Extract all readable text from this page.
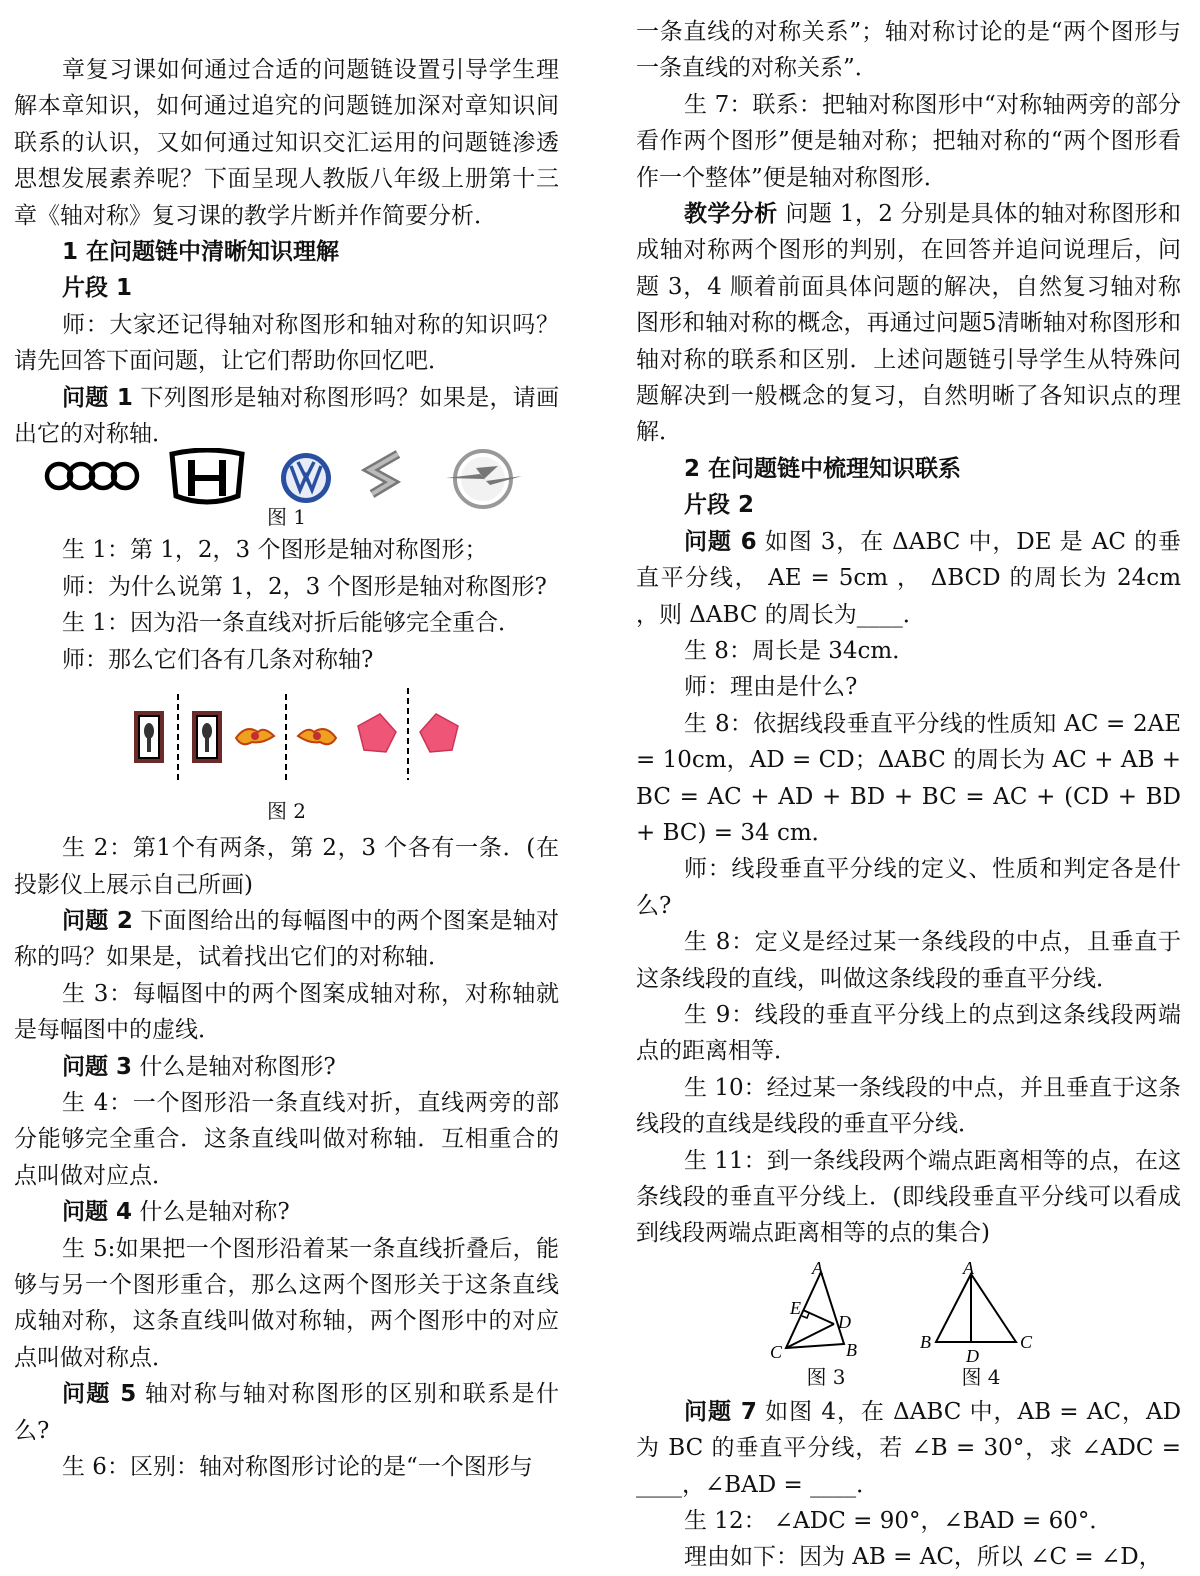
章复习课如何通过合适的问题链设置引导学生理解本章知识，如何通过追究的问题链加深对章知识间联系的认识，又如何通过知识交汇运用的问题链渗透思想发展素养呢？下面呈现人教版八年级上册第十三章《轴对称》复习课的教学片断并作简要分析．

1 在问题链中清晰知识理解

片段 1

师：大家还记得轴对称图形和轴对称的知识吗？请先回答下面问题，让它们帮助你回忆吧．

问题 1 下列图形是轴对称图形吗？如果是，请画出它的对称轴．

图 1

生 1：第 1，2，3 个图形是轴对称图形；

师：为什么说第 1，2，3 个图形是轴对称图形?

生 1：因为沿一条直线对折后能够完全重合．

师：那么它们各有几条对称轴?

图 2

生 2：第1个有两条，第 2，3 个各有一条．(在投影仪上展示自己所画)

问题 2 下面图给出的每幅图中的两个图案是轴对称的吗？如果是，试着找出它们的对称轴．

生 3：每幅图中的两个图案成轴对称，对称轴就是每幅图中的虚线．

问题 3 什么是轴对称图形?

生 4：一个图形沿一条直线对折，直线两旁的部分能够完全重合．这条直线叫做对称轴．互相重合的点叫做对应点．

问题 4 什么是轴对称?

生 5:如果把一个图形沿着某一条直线折叠后，能够与另一个图形重合，那么这两个图形关于这条直线成轴对称，这条直线叫做对称轴，两个图形中的对应点叫做对称点．

问题 5 轴对称与轴对称图形的区别和联系是什么?

生 6：区别：轴对称图形讨论的是“一个图形与

一条直线的对称关系”；轴对称讨论的是“两个图形与一条直线的对称关系”．

生 7：联系：把轴对称图形中“对称轴两旁的部分看作两个图形”便是轴对称；把轴对称的“两个图形看作一个整体”便是轴对称图形．

教学分析 问题 1，2 分别是具体的轴对称图形和成轴对称两个图形的判别，在回答并追问说理后，问题 3，4 顺着前面具体问题的解决，自然复习轴对称图形和轴对称的概念，再通过问题5清晰轴对称图形和轴对称的联系和区别．上述问题链引导学生从特殊问题解决到一般概念的复习，自然明晰了各知识点的理解．

2 在问题链中梳理知识联系

片段 2

问题 6 如图 3，在 ΔABC 中，DE 是 AC 的垂直平分线， AE = 5cm ， ΔBCD 的周长为 24cm ，则 ΔABC 的周长为____．

生 8：周长是 34cm．

师：理由是什么?

生 8：依据线段垂直平分线的性质知 AC = 2AE = 10cm，AD = CD；ΔABC 的周长为 AC + AB + BC = AC + AD + BD + BC = AC + (CD + BD + BC) = 34 cm．

师：线段垂直平分线的定义、性质和判定各是什么?

生 8：定义是经过某一条线段的中点，且垂直于这条线段的直线，叫做这条线段的垂直平分线．

生 9：线段的垂直平分线上的点到这条线段两端点的距离相等．

生 10：经过某一条线段的中点，并且垂直于这条线段的直线是线段的垂直平分线．

生 11：到一条线段两个端点距离相等的点，在这条线段的垂直平分线上．(即线段垂直平分线可以看成到线段两端点距离相等的点的集合)

A
E
D
C	B
A
B
D
C

图 3	图 4

问题 7 如图 4，在 ΔABC 中，AB = AC，AD 为 BC 的垂直平分线，若 ∠B = 30°，求 ∠ADC = ____，∠BAD = ____．

生 12： ∠ADC = 90°，∠BAD = 60°．

理由如下：因为 AB = AC，所以 ∠C = ∠D，
